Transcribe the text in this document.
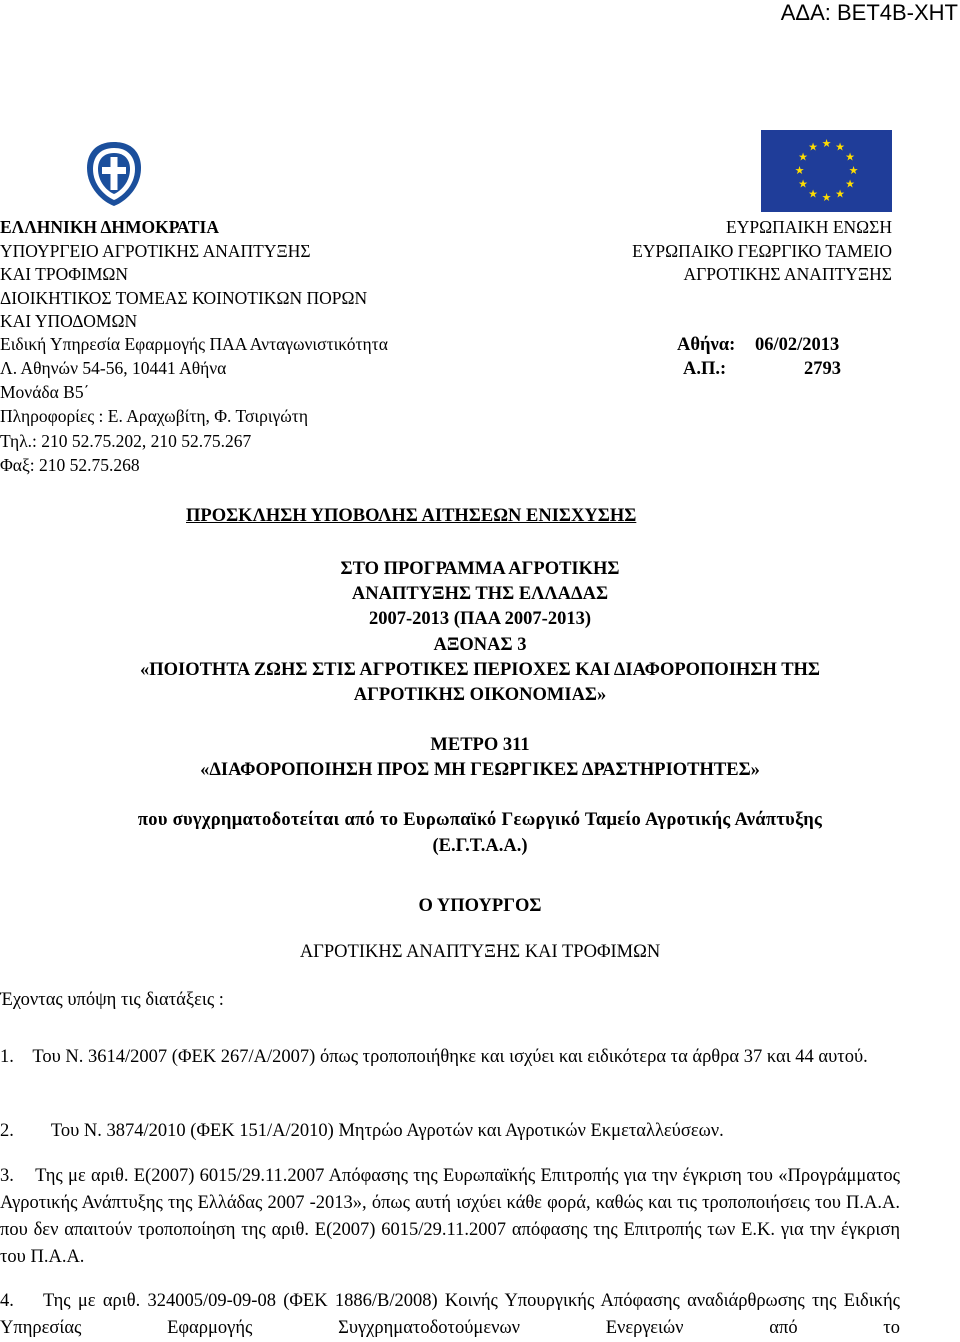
ΑΔΑ: ΒΕΤ4Β-ΧΗΤ
★ ★
★
★
★
★
★
★
★
★
★
★
ΕΛΛΗΝΙΚΗ ΔΗΜΟΚΡΑΤΙΑ
ΥΠΟΥΡΓΕΙΟ ΑΓΡΟΤΙΚΗΣ ΑΝΑΠΤΥΞΗΣ
ΚΑΙ ΤΡΟΦΙΜΩΝ
ΔΙΟΙΚΗΤΙΚΟΣ ΤΟΜΕΑΣ ΚΟΙΝΟΤΙΚΩΝ ΠΟΡΩΝ
ΚΑΙ ΥΠΟΔΟΜΩΝ
Ειδική Υπηρεσία Εφαρμογής ΠΑΑ Ανταγωνιστικότητα
Λ. Αθηνών 54-56, 10441 Αθήνα
Μονάδα Β5΄
Πληροφορίες : Ε. Αραχωβίτη, Φ. Τσιριγώτη
Τηλ.: 210 52.75.202, 210 52.75.267
Φαξ: 210 52.75.268
ΕΥΡΩΠΑΙΚΗ ΕΝΩΣΗ
ΕΥΡΩΠΑΙΚΟ ΓΕΩΡΓΙΚΟ ΤΑΜΕΙΟ
ΑΓΡΟΤΙΚΗΣ ΑΝΑΠΤΥΞΗΣ
Αθήνα: 06/02/2013
Α.Π.:	2793
ΠΡΟΣΚΛΗΣΗ ΥΠΟΒΟΛΗΣ ΑΙΤΗΣΕΩΝ ΕΝΙΣΧΥΣΗΣ
ΣΤΟ ΠΡΟΓΡΑΜΜΑ ΑΓΡΟΤΙΚΗΣ
ΑΝΑΠΤΥΞΗΣ ΤΗΣ ΕΛΛΑΔΑΣ
2007-2013 (ΠΑΑ 2007-2013)
ΑΞΟΝΑΣ 3
«ΠΟΙΟΤΗΤΑ ΖΩΗΣ ΣΤΙΣ ΑΓΡΟΤΙΚΕΣ ΠΕΡΙΟΧΕΣ ΚΑΙ ΔΙΑΦΟΡΟΠΟΙΗΣΗ ΤΗΣ
ΑΓΡΟΤΙΚΗΣ ΟΙΚΟΝΟΜΙΑΣ»
ΜΕΤΡΟ 311
«ΔΙΑΦΟΡΟΠΟΙΗΣΗ ΠΡΟΣ ΜΗ ΓΕΩΡΓΙΚΕΣ ΔΡΑΣΤΗΡΙΟΤΗΤΕΣ»
που συγχρηματοδοτείται από το Ευρωπαϊκό Γεωργικό Ταμείο Αγροτικής Ανάπτυξης
(Ε.Γ.Τ.Α.Α.)
Ο ΥΠΟΥΡΓΟΣ
ΑΓΡΟΤΙΚΗΣ ΑΝΑΠΤΥΞΗΣ ΚΑΙ ΤΡΟΦΙΜΩΝ
Έχοντας υπόψη τις διατάξεις :
1. Του Ν. 3614/2007 (ΦΕΚ 267/Α/2007) όπως τροποποιήθηκε και ισχύει και ειδικότερα τα άρθρα 37 και 44 αυτού.
2. Του Ν. 3874/2010 (ΦΕΚ 151/Α/2010) Μητρώο Αγροτών και Αγροτικών Εκμεταλλεύσεων.
3. Της με αριθ. Ε(2007) 6015/29.11.2007 Απόφασης της Ευρωπαϊκής Επιτροπής για την έγκριση του «Προγράμματος Αγροτικής Ανάπτυξης της Ελλάδας 2007 -2013», όπως αυτή ισχύει κάθε φορά, καθώς και τις τροποποιήσεις του Π.Α.Α. που δεν απαιτούν τροποποίηση της αριθ. Ε(2007) 6015/29.11.2007 απόφασης της Επιτροπής των Ε.Κ. για την έγκριση του Π.Α.Α.
4. Της με αριθ. 324005/09-09-08 (ΦΕΚ 1886/Β/2008) Κοινής Υπουργικής Απόφασης αναδιάρθρωσης της Ειδικής Υπηρεσίας Εφαρμογής Συγχρηματοδοτούμενων Ενεργειών από το
